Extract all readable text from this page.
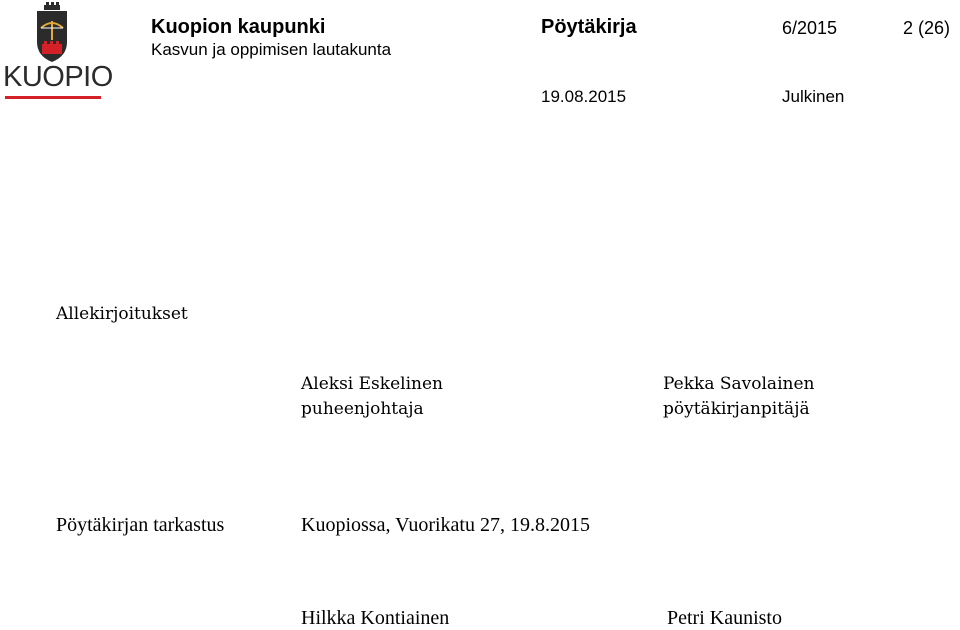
KUOPIO
Kuopion kaupunki
Kasvun ja oppimisen lautakunta
Pöytäkirja	6/2015	2 (26)
19.08.2015	Julkinen
Allekirjoitukset
Aleksi Eskelinen
puheenjohtaja
Pekka Savolainen
pöytäkirjanpitäjä
Pöytäkirjan tarkastus	Kuopiossa, Vuorikatu 27, 19.8.2015
Hilkka Kontiainen	Petri Kaunisto
